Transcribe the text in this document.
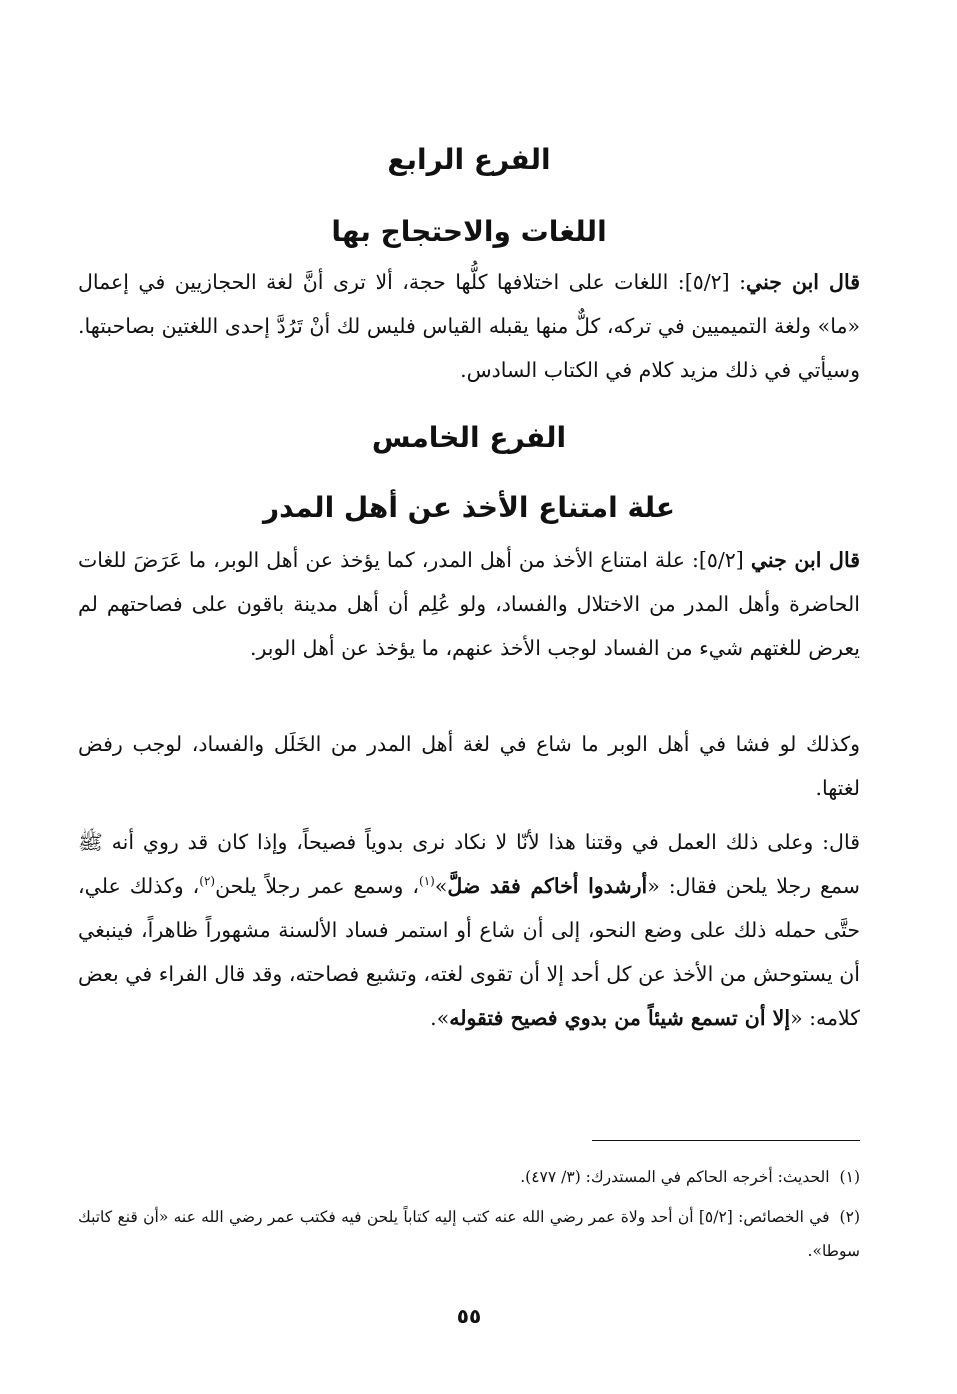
الفرع الرابع
اللغات والاحتجاج بها

قال ابن جني: [٥/٢]: اللغات على اختلافها كلُّها حجة، ألا ترى أنَّ لغة الحجازيين في إعمال «ما» ولغة التميميين في تركه، كلٌّ منها يقبله القياس فليس لك أنْ تَرُدَّ إحدى اللغتين بصاحبتها. وسيأتي في ذلك مزيد كلام في الكتاب السادس.

الفرع الخامس
علة امتناع الأخذ عن أهل المدر

قال ابن جني [٥/٢]: علة امتناع الأخذ من أهل المدر، كما يؤخذ عن أهل الوبر، ما عَرَضَ للغات الحاضرة وأهل المدر من الاختلال والفساد، ولو عُلِم أن أهل مدينة باقون على فصاحتهم لم يعرض للغتهم شيء من الفساد لوجب الأخذ عنهم، ما يؤخذ عن أهل الوبر.

وكذلك لو فشا في أهل الوبر ما شاع في لغة أهل المدر من الخَلَل والفساد، لوجب رفض لغتها.

قال: وعلى ذلك العمل في وقتنا هذا لأنّا لا نكاد نرى بدوياً فصيحاً، وإذا كان قد روي أنه ﷺ سمع رجلا يلحن فقال: «أرشدوا أخاكم فقد ضلَّ»$^{(١)}$، وسمع عمر رجلاً يلحن$^{(٢)}$، وكذلك علي، حتَّى حمله ذلك على وضع النحو، إلى أن شاع أو استمر فساد الألسنة مشهوراً ظاهراً، فينبغي أن يستوحش من الأخذ عن كل أحد إلا أن تقوى لغته، وتشيع فصاحته، وقد قال الفراء في بعض كلامه: «إلا أن تسمع شيئاً من بدوي فصيح فتقوله».

(١)الحديث: أخرجه الحاكم في المستدرك: (٣/ ٤٧٧).

(٢)في الخصائص: [٥/٢] أن أحد ولاة عمر رضي الله عنه كتب إليه كتاباً يلحن فيه فكتب عمر رضي الله عنه «أن قنع كاتبك سوطا».

٥٥
